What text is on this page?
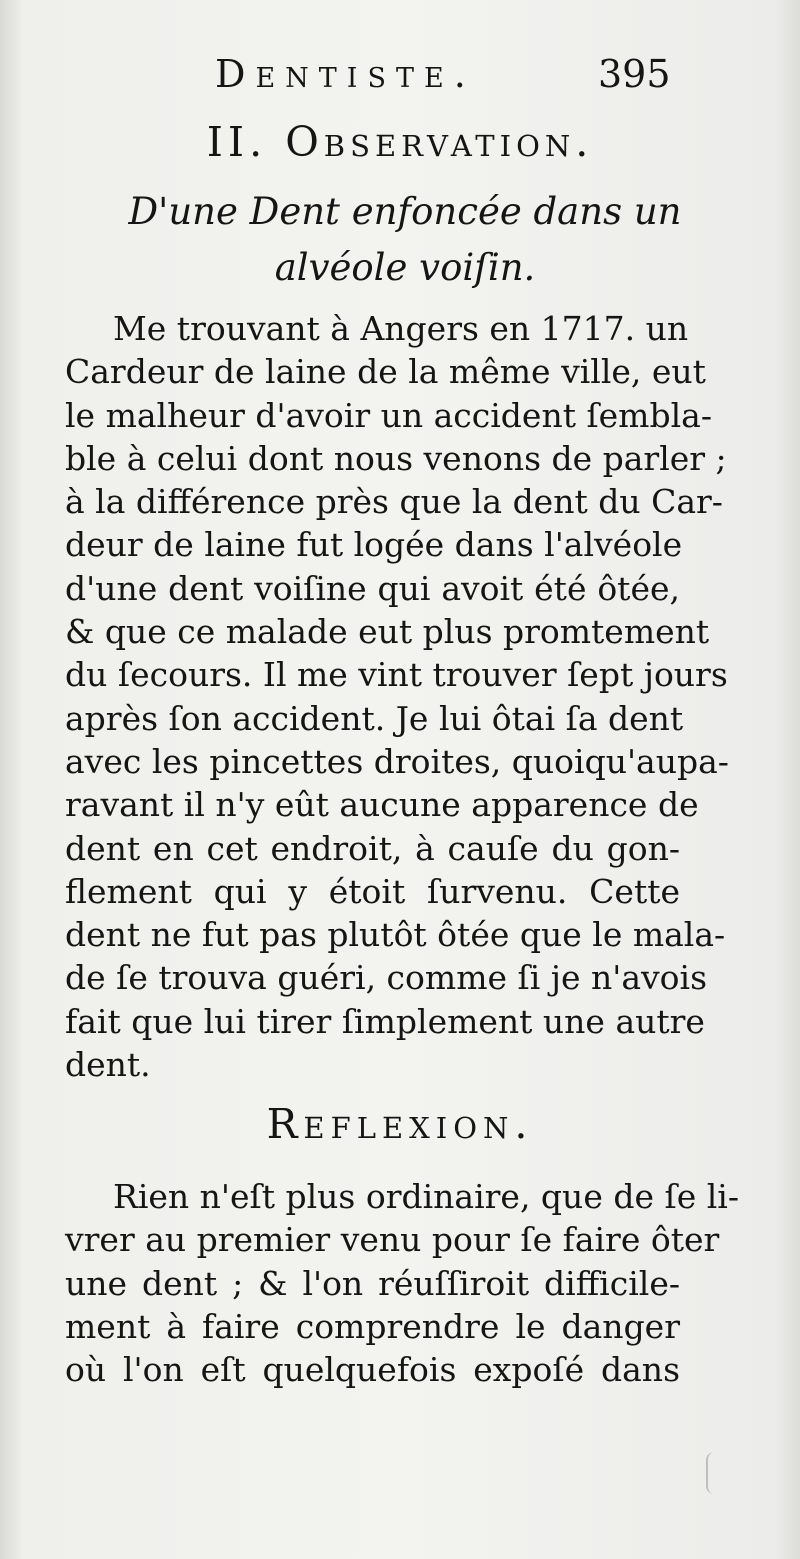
Dentiste.	395
II. Observation.
D'une Dent enfoncée dans un
alvéole voiſin.
Me trouvant à Angers en 1717. un
Cardeur de laine de la même ville, eut
le malheur d'avoir un accident ſembla-
ble à celui dont nous venons de parler ;
à la différence près que la dent du Car-
deur de laine fut logée dans l'alvéole
d'une dent voiſine qui avoit été ôtée,
& que ce malade eut plus promtement
du ſecours. Il me vint trouver ſept jours
après ſon accident. Je lui ôtai ſa dent
avec les pincettes droites, quoiqu'aupa-
ravant il n'y eût aucune apparence de
dent en cet endroit, à cauſe du gon-
flement qui y étoit ſurvenu. Cette
dent ne fut pas plutôt ôtée que le mala-
de ſe trouva guéri, comme ſi je n'avois
fait que lui tirer ſimplement une autre
dent.
Reflexion.
Rien n'eſt plus ordinaire, que de ſe li-
vrer au premier venu pour ſe faire ôter
une dent ; & l'on réuſſiroit difficile-
ment à faire comprendre le danger
où l'on eſt quelquefois expoſé dans
